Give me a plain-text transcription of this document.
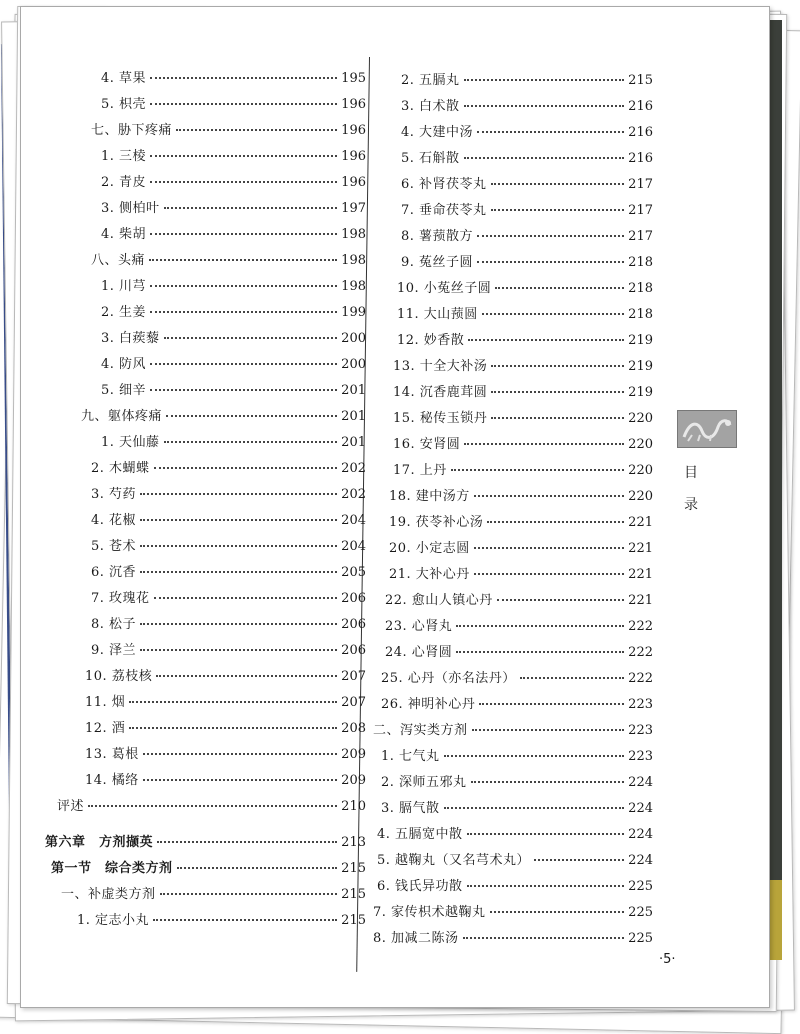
4. 草果	195
5. 枳壳	196
七、胁下疼痛	196
1. 三棱	196
2. 青皮	196
3. 侧柏叶	197
4. 柴胡	198
八、头痛	198
1. 川芎	198
2. 生姜	199
3. 白蒺藜	200
4. 防风	200
5. 细辛	201
九、躯体疼痛	201
1. 天仙藤	201
2. 木蝴蝶	202
3. 芍药	202
4. 花椒	204
5. 苍术	204
6. 沉香	205
7. 玫瑰花	206
8. 松子	206
9. 泽兰	206
10. 荔枝核	207
11. 烟	207
12. 酒	208
13. 葛根	209
14. 橘络	209
评述	210
第六章　方剂撷英	213
第一节　综合类方剂	215
一、补虚类方剂	215
1. 定志小丸	215
2. 五膈丸	215
3. 白术散	216
4. 大建中汤	216
5. 石斛散	216
6. 补肾茯苓丸	217
7. 垂命茯苓丸	217
8. 薯蓣散方	217
9. 菟丝子圆	218
10. 小菟丝子圆	218
11. 大山蓣圆	218
12. 妙香散	219
13. 十全大补汤	219
14. 沉香鹿茸圆	219
15. 秘传玉锁丹	220
16. 安肾圆	220
17. 上丹	220
18. 建中汤方	220
19. 茯苓补心汤	221
20. 小定志圆	221
21. 大补心丹	221
22. 愈山人镇心丹	221
23. 心肾丸	222
24. 心肾圆	222
25. 心丹（亦名法丹）	222
26. 神明补心丹	223
二、泻实类方剂	223
1. 七气丸	223
2. 深师五邪丸	224
3. 膈气散	224
4. 五膈宽中散	224
5. 越鞠丸（又名芎术丸）	224
6. 钱氏异功散	225
7. 家传枳术越鞠丸	225
8. 加减二陈汤	225
目
录
·5·
